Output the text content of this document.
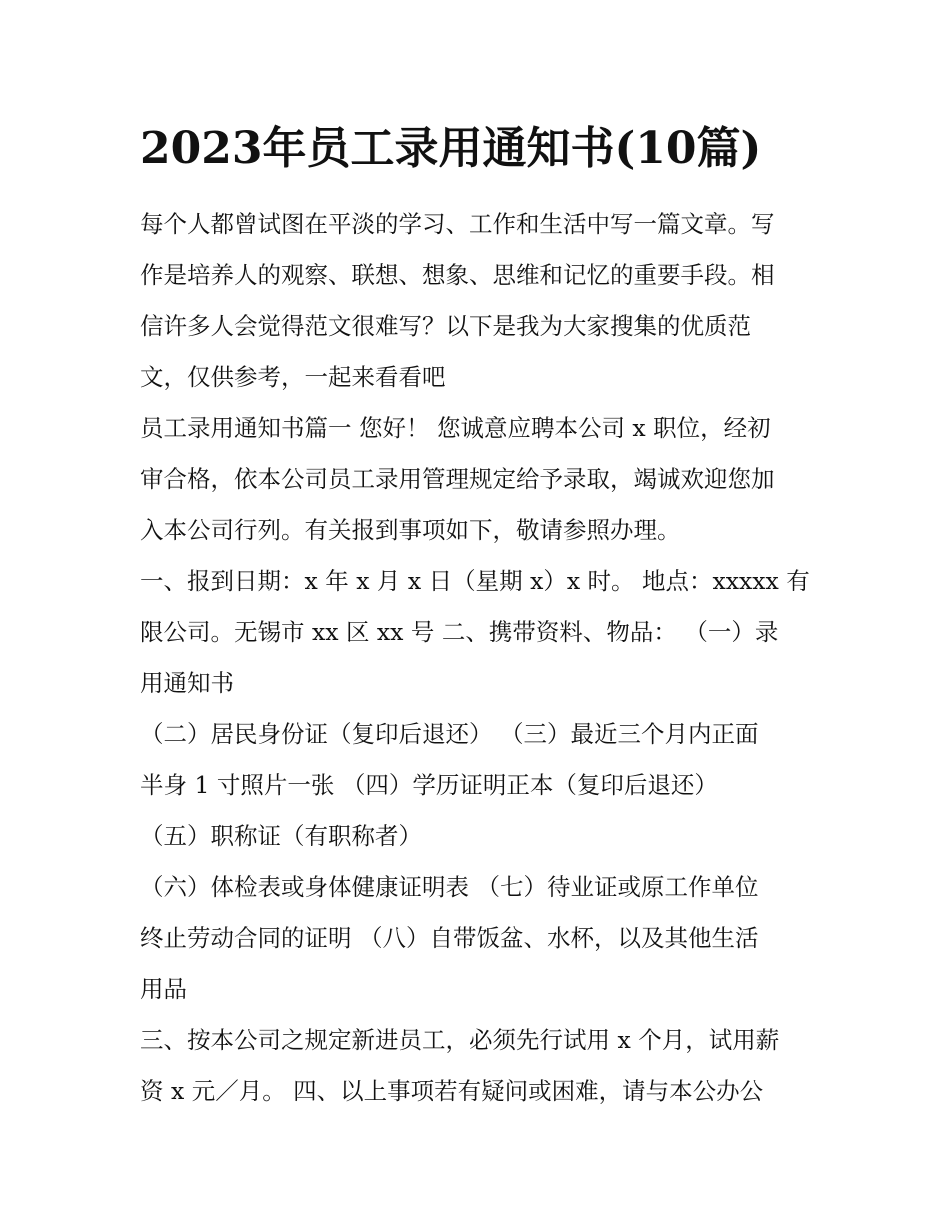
2023年员工录用通知书(10篇)

每个人都曾试图在平淡的学习、工作和生活中写一篇文章。写
作是培养人的观察、联想、想象、思维和记忆的重要手段。相
信许多人会觉得范文很难写？以下是我为大家搜集的优质范
文，仅供参考，一起来看看吧

员工录用通知书篇一 您好！ 您诚意应聘本公司 x 职位，经初
审合格，依本公司员工录用管理规定给予录取，竭诚欢迎您加
入本公司行列。有关报到事项如下，敬请参照办理。

一、报到日期：x 年 x 月 x 日（星期 x）x 时。 地点：xxxxx 有
限公司。无锡市 xx 区 xx 号 二、携带资料、物品： （一）录
用通知书

（二）居民身份证（复印后退还） （三）最近三个月内正面
半身 1 寸照片一张 （四）学历证明正本（复印后退还）

（五）职称证（有职称者）

（六）体检表或身体健康证明表 （七）待业证或原工作单位
终止劳动合同的证明 （八）自带饭盆、水杯，以及其他生活
用品

三、按本公司之规定新进员工，必须先行试用 x 个月，试用薪
资 x 元／月。 四、以上事项若有疑问或困难，请与本公办公
